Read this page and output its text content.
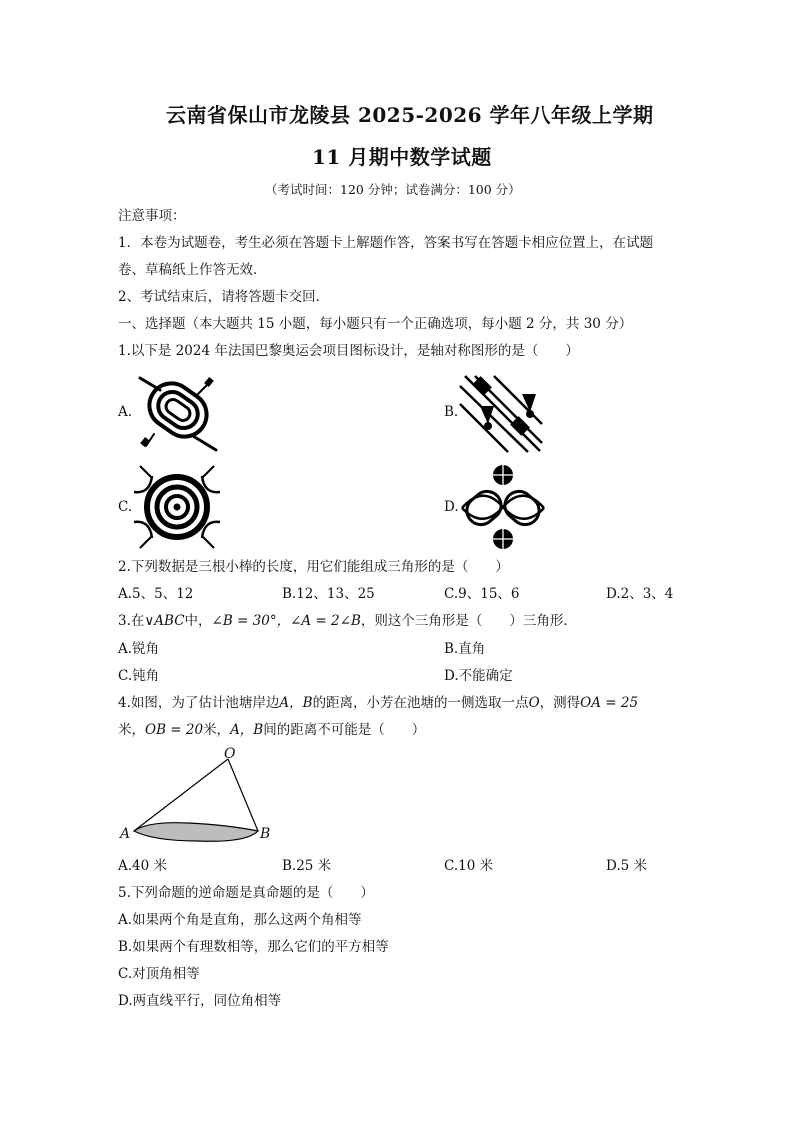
云南省保山市龙陵县 2025-2026 学年八年级上学期
11 月期中数学试题
（考试时间：120 分钟；试卷满分：100 分）
注意事项：
1．本卷为试题卷，考生必须在答题卡上解题作答，答案书写在答题卡相应位置上，在试题
卷、草稿纸上作答无效．
2、考试结束后，请将答题卡交回．
一、选择题（本大题共 15 小题，每小题只有一个正确选项，每小题 2 分，共 30 分）
1.以下是 2024 年法国巴黎奥运会项目图标设计，是轴对称图形的是（　　）
A.	B.
C.	D.
2.下列数据是三根小棒的长度，用它们能组成三角形的是（　　）
A.5、5、12	B.12、13、25	C.9、15、6	D.2、3、4
3.在∨ABC中，∠B = 30°，∠A = 2∠B，则这个三角形是（　　）三角形．
A.锐角	B.直角
C.钝角	D.不能确定
4.如图，为了估计池塘岸边A，B的距离，小芳在池塘的一侧选取一点O，测得OA = 25
米，OB = 20米，A，B间的距离不可能是（　　）
O
A	B
A.40 米	B.25 米	C.10 米	D.5 米
5.下列命题的逆命题是真命题的是（　　）
A.如果两个角是直角，那么这两个角相等
B.如果两个有理数相等，那么它们的平方相等
C.对顶角相等
D.两直线平行，同位角相等
